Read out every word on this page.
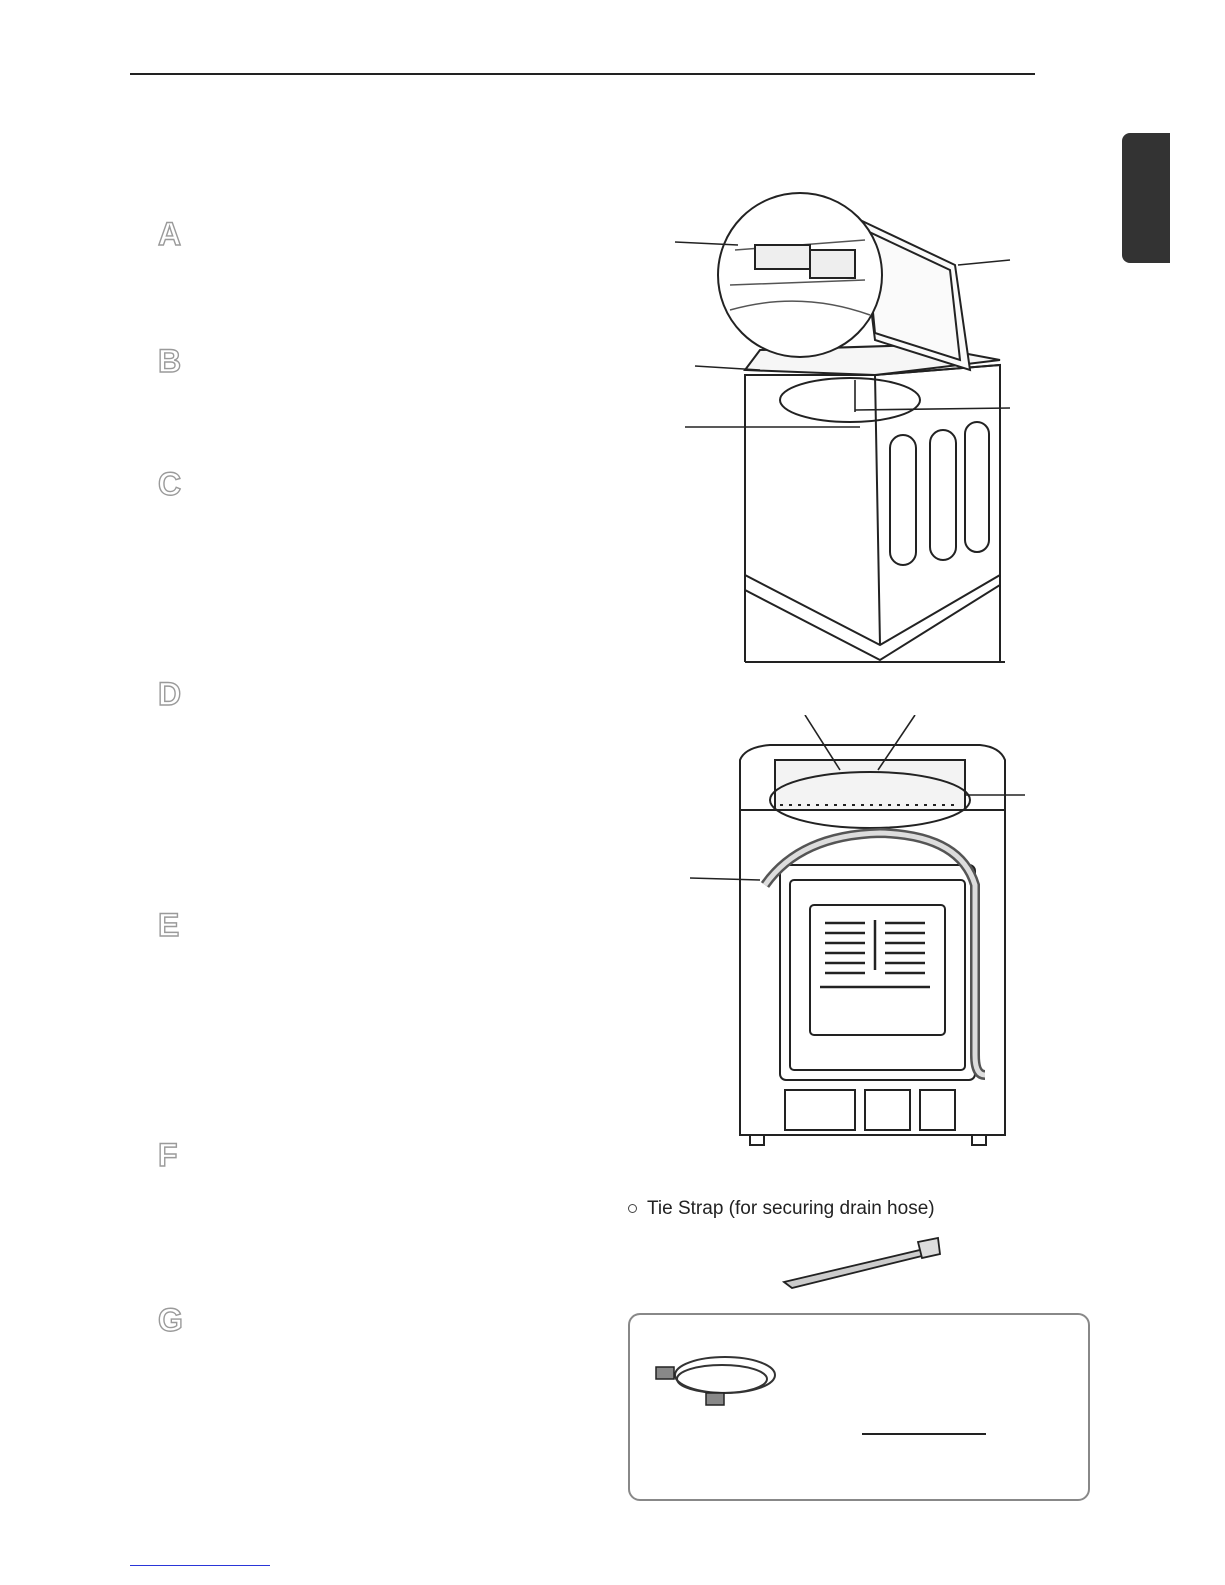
A
B
C
D
E
F
G
Tie Strap (for securing drain hose)
